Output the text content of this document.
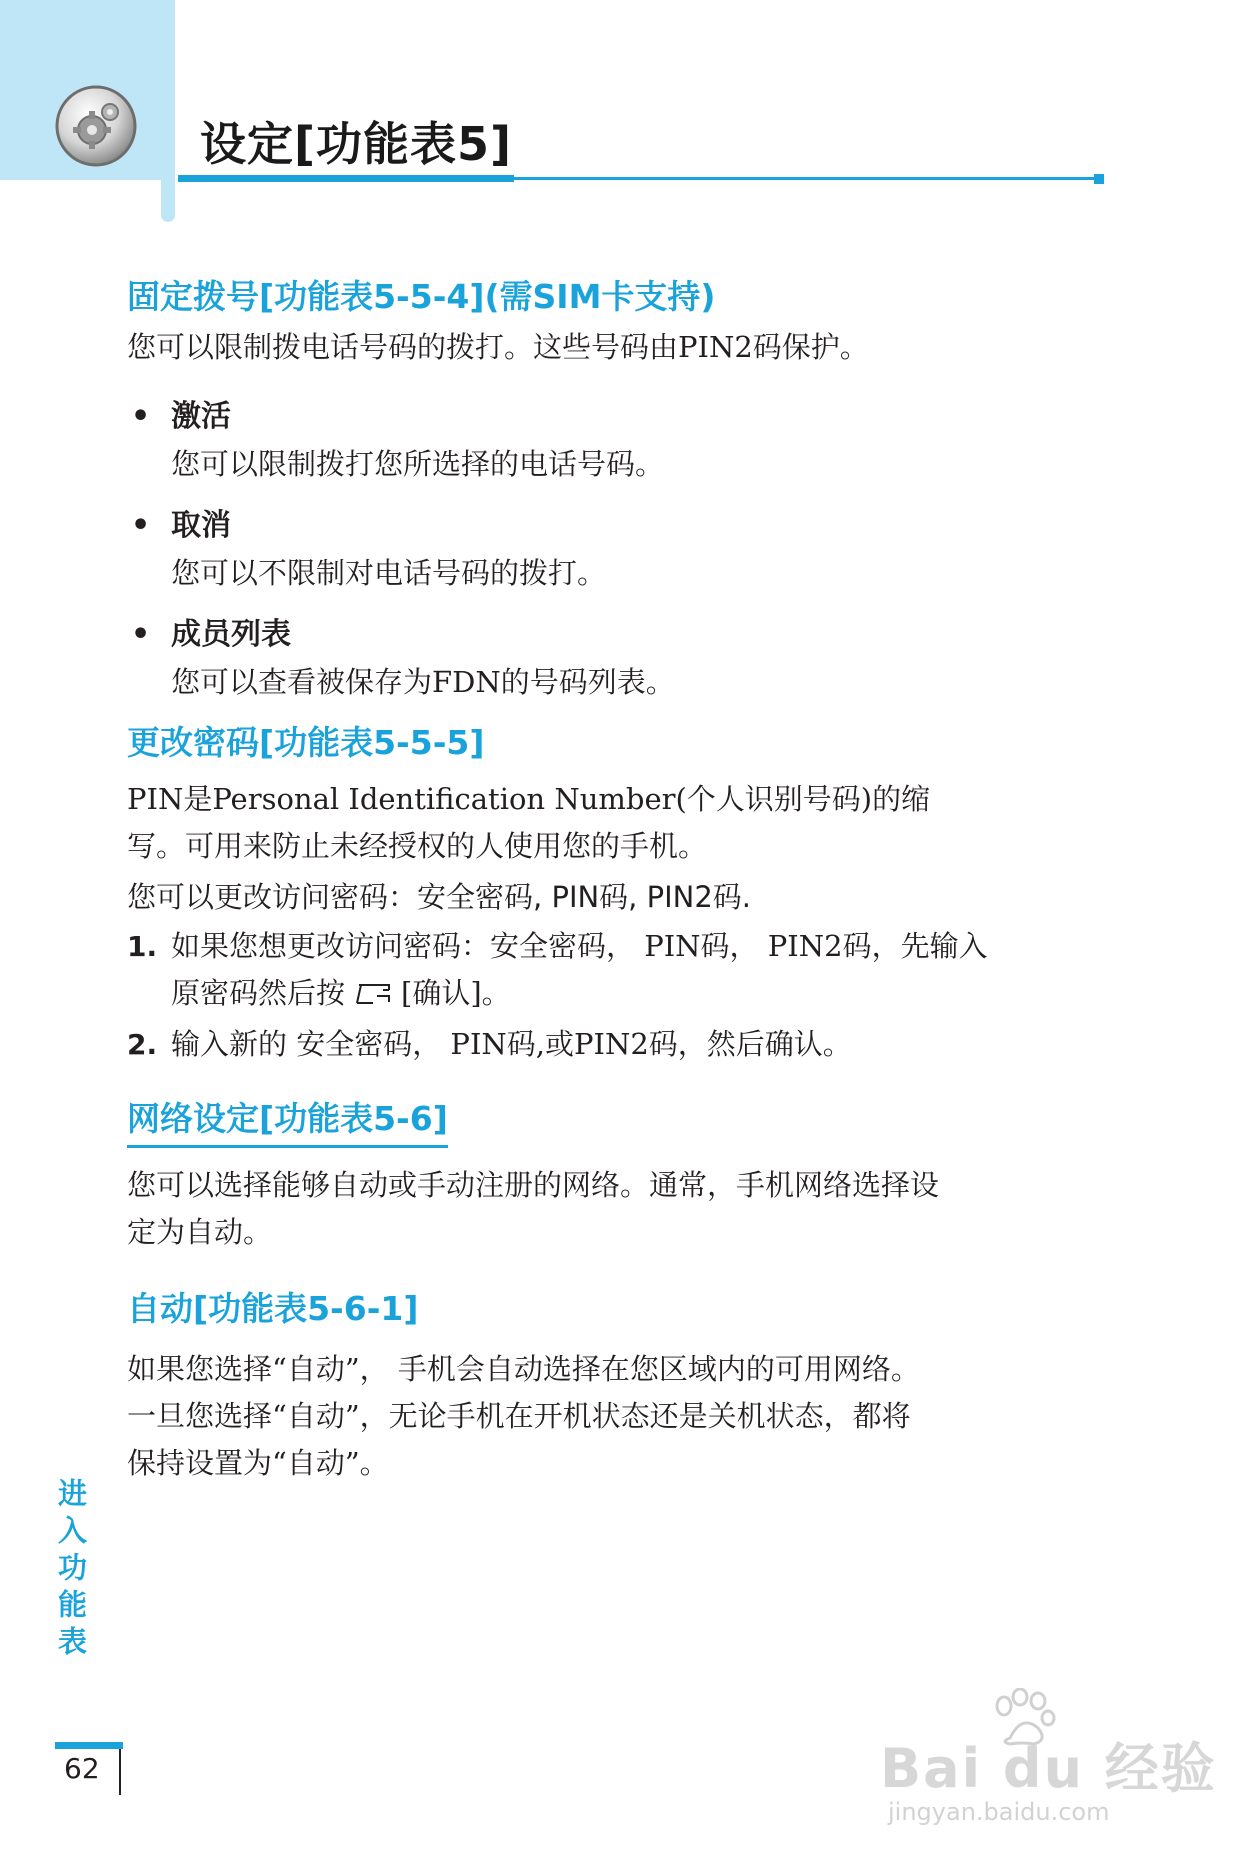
设定[功能表5]
固定拨号[功能表5-5-4](需SIM卡支持)
您可以限制拨电话号码的拨打。这些号码由PIN2码保护。
• 激活
您可以限制拨打您所选择的电话号码。
• 取消
您可以不限制对电话号码的拨打。
• 成员列表
您可以查看被保存为FDN的号码列表。
更改密码[功能表5-5-5]
PIN是Personal Identification Number(个人识别号码)的缩
写。可用来防止未经授权的人使用您的手机。
您可以更改访问密码：安全密码, PIN码, PIN2码.
1. 如果您想更改访问密码：安全密码， PIN码， PIN2码，先输入
原密码然后按 [确认]。
2. 输入新的 安全密码， PIN码,或PIN2码，然后确认。
网络设定[功能表5-6]
您可以选择能够自动或手动注册的网络。通常，手机网络选择设
定为自动。
自动[功能表5-6-1]
如果您选择“自动”， 手机会自动选择在您区域内的可用网络。
一旦您选择“自动”，无论手机在开机状态还是关机状态，都将
保持设置为“自动”。
进入功能表
62	Bai du 经验
jingyan.baidu.com
